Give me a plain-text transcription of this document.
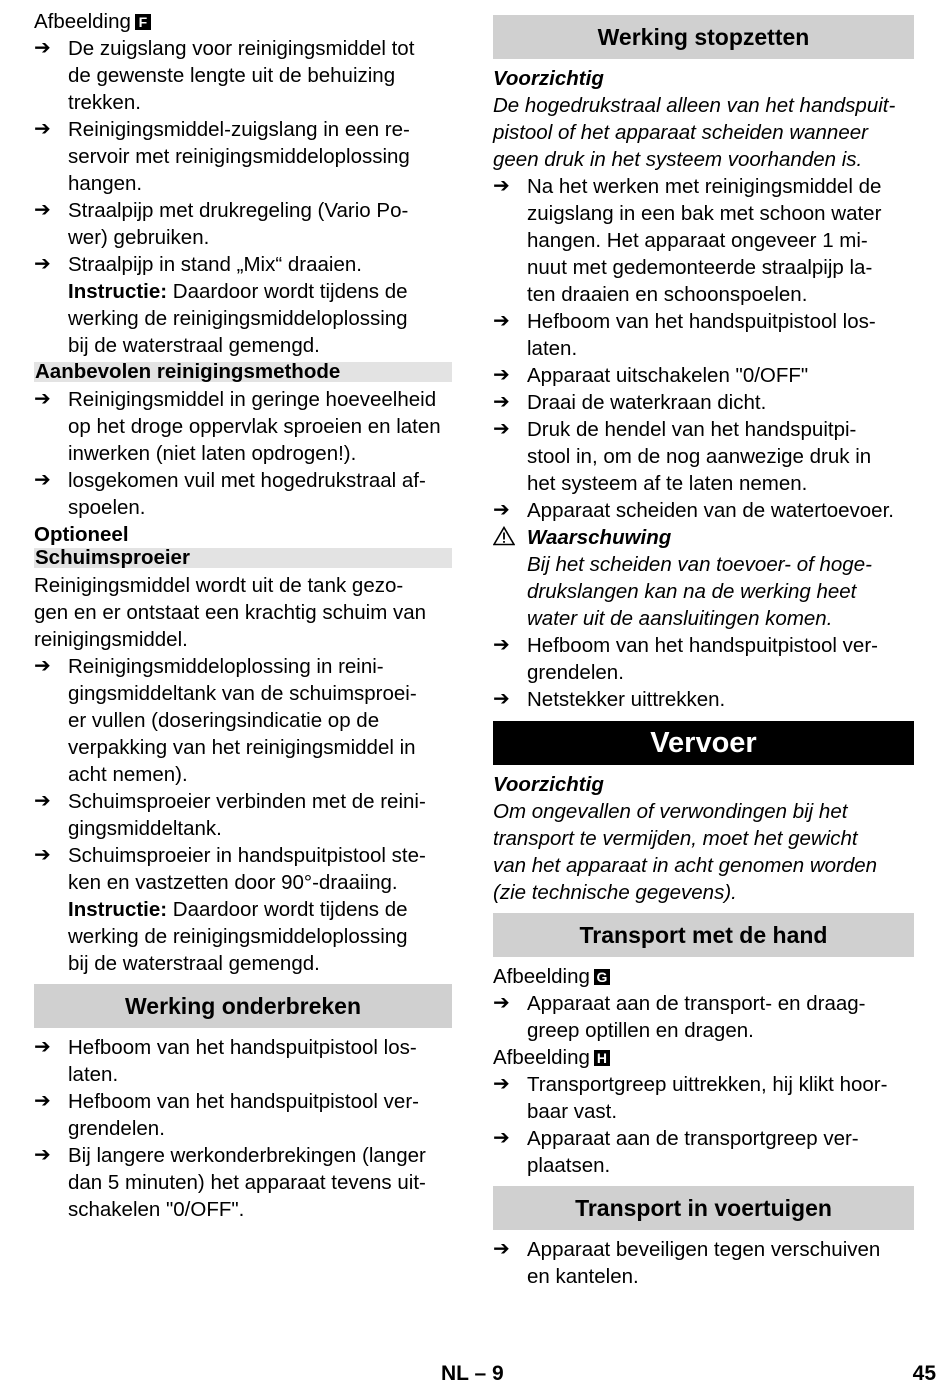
Afbeelding F

➔ De zuigslang voor reinigingsmiddel tot
de gewenste lengte uit de behuizing
trekken.
➔ Reinigingsmiddel-zuigslang in een re-
servoir met reinigingsmiddeloplossing
hangen.
➔ Straalpijp met drukregeling (Vario Po-
wer) gebruiken.
➔ Straalpijp in stand „Mix“ draaien.
Instructie: Daardoor wordt tijdens de
werking de reinigingsmiddeloplossing
bij de waterstraal gemengd.
Aanbevolen reinigingsmethode
➔ Reinigingsmiddel in geringe hoeveelheid
op het droge oppervlak sproeien en laten
inwerken (niet laten opdrogen!).
➔ losgekomen vuil met hogedrukstraal af-
spoelen.

Optioneel

Schuimsproeier
Reinigingsmiddel wordt uit de tank gezo-
gen en er ontstaat een krachtig schuim van
reinigingsmiddel.
➔ Reinigingsmiddeloplossing in reini-
gingsmiddeltank van de schuimsproei-
er vullen (doseringsindicatie op de
verpakking van het reinigingsmiddel in
acht nemen).
➔ Schuimsproeier verbinden met de reini-
gingsmiddeltank.
➔ Schuimsproeier in handspuitpistool ste-
ken en vastzetten door 90°-draaiing.
Instructie: Daardoor wordt tijdens de
werking de reinigingsmiddeloplossing
bij de waterstraal gemengd.
Werking onderbreken
➔ Hefboom van het handspuitpistool los-
laten.
➔ Hefboom van het handspuitpistool ver-
grendelen.
➔ Bij langere werkonderbrekingen (langer
dan 5 minuten) het apparaat tevens uit-
schakelen "0/OFF".
Werking stopzetten

Voorzichtig

De hogedrukstraal alleen van het handspuit-
pistool of het apparaat scheiden wanneer
geen druk in het systeem voorhanden is.
➔ Na het werken met reinigingsmiddel de
zuigslang in een bak met schoon water
hangen. Het apparaat ongeveer 1 mi-
nuut met gedemonteerde straalpijp la-
ten draaien en schoonspoelen.
➔ Hefboom van het handspuitpistool los-
laten.
➔ Apparaat uitschakelen "0/OFF"
➔ Draai de waterkraan dicht.
➔ Druk de hendel van het handspuitpi-
stool in, om de nog aanwezige druk in
het systeem af te laten nemen.
➔ Apparaat scheiden van de watertoevoer.
Waarschuwing
Bij het scheiden van toevoer- of hoge-
drukslangen kan na de werking heet
water uit de aansluitingen komen.
➔ Hefboom van het handspuitpistool ver-
grendelen.
➔ Netstekker uittrekken.
Vervoer

Voorzichtig

Om ongevallen of verwondingen bij het
transport te vermijden, moet het gewicht
van het apparaat in acht genomen worden
(zie technische gegevens).
Transport met de hand

Afbeelding G

➔ Apparaat aan de transport- en draag-
greep optillen en dragen.

Afbeelding H

➔ Transportgreep uittrekken, hij klikt hoor-
baar vast.
➔ Apparaat aan de transportgreep ver-
plaatsen.
Transport in voertuigen
➔ Apparaat beveiligen tegen verschuiven
en kantelen.
NL – 9	45
